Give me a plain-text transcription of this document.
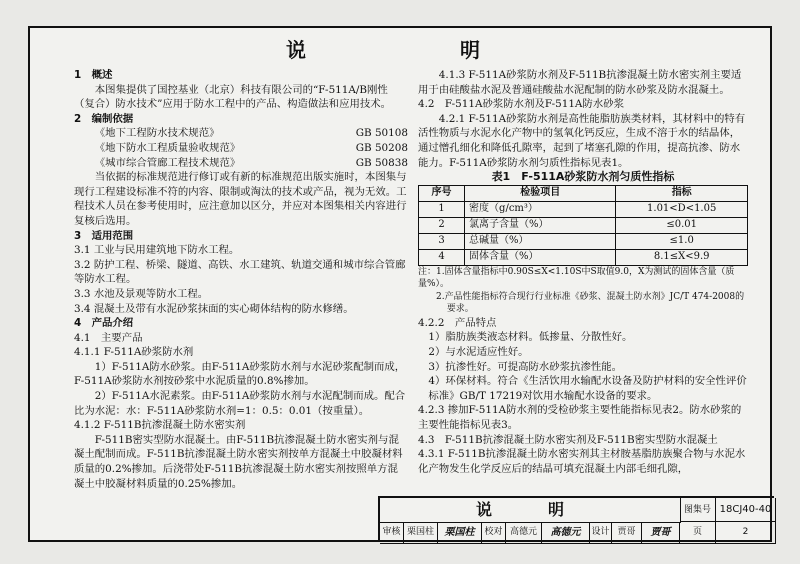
说　　明

1　概述

本图集提供了国控基业（北京）科技有限公司的“F-511A/B刚性（复合）防水技术”应用于防水工程中的产品、构造做法和应用技术。

2　编制依据

《地下工程防水技术规范》	GB 50108

《地下防水工程质量验收规范》	GB 50208

《城市综合管廊工程技术规范》	GB 50838

当依据的标准规范进行修订或有新的标准规范出版实施时，本图集与现行工程建设标准不符的内容、限制或淘汰的技术或产品，视为无效。工程技术人员在参考使用时，应注意加以区分，并应对本图集相关内容进行复核后选用。

3　适用范围

3.1 工业与民用建筑地下防水工程。

3.2 防护工程、桥梁、隧道、高铁、水工建筑、轨道交通和城市综合管廊等防水工程。

3.3 水池及景观等防水工程。

3.4 混凝土及带有水泥砂浆抹面的实心砌体结构的防水修缮。

4　产品介绍

4.1　主要产品

4.1.1 F-511A砂浆防水剂

1）F-511A防水砂浆。由F-511A砂浆防水剂与水泥砂浆配制而成，F-511A砂浆防水剂按砂浆中水泥质量的0.8%掺加。

2）F-511A水泥素浆。由F-511A砂浆防水剂与水泥配制而成。配合比为水泥：水：F-511A砂浆防水剂=1：0.5：0.01（按重量）。

4.1.2 F-511B抗渗混凝土防水密实剂

F-511B密实型防水混凝土。由F-511B抗渗混凝土防水密实剂与混凝土配制而成。F-511B抗渗混凝土防水密实剂按单方混凝土中胶凝材料质量的0.2%掺加。后浇带处F-511B抗渗混凝土防水密实剂按照单方混凝土中胶凝材料质量的0.25%掺加。

4.1.3 F-511A砂浆防水剂及F-511B抗渗混凝土防水密实剂主要适用于由硅酸盐水泥及普通硅酸盐水泥配制的防水砂浆及防水混凝土。

4.2　F-511A砂浆防水剂及F-511A防水砂浆

4.2.1 F-511A砂浆防水剂是高性能脂肪族类材料，其材料中的特有活性物质与水泥水化产物中的氢氧化钙反应，生成不溶于水的结晶体，通过憎孔细化和降低孔隙率，起到了堵塞孔隙的作用，提高抗渗、防水能力。F-511A砂浆防水剂匀质性指标见表1。

表1　F-511A砂浆防水剂匀质性指标

序号	检验项目	指标
1	密度（g/cm³）	1.01<D<1.05
2	氯离子含量（%）	≤0.01
3	总碱量（%）	≤1.0
4	固体含量（%）	8.1≤X<9.9

注：1.固体含量指标中0.90S≤X<1.10S中S取值9.0，X为测试的固体含量（质量%）。

2.产品性能指标符合现行行业标准《砂浆、混凝土防水剂》JC/T 474-2008的要求。

4.2.2　产品特点

1）脂肪族类液态材料。低掺量、分散性好。

2）与水泥适应性好。

3）抗渗性好。可提高防水砂浆抗渗性能。

4）环保材料。符合《生活饮用水输配水设备及防护材料的安全性评价标准》GB/T 17219对饮用水输配水设备的要求。

4.2.3 掺加F-511A防水剂的受检砂浆主要性能指标见表2。防水砂浆的主要性能指标见表3。

4.3　F-511B抗渗混凝土防水密实剂及F-511B密实型防水混凝土

4.3.1 F-511B抗渗混凝土防水密实剂其主材胺基脂肪族聚合物与水泥水化产物发生化学反应后的结晶可填充混凝土内部毛细孔隙，

说　明	图集号 18CJ40-40
审核 栗国柱	栗国柱	校对 高德元	高德元	设计 贾哥	贾哥	页	2
